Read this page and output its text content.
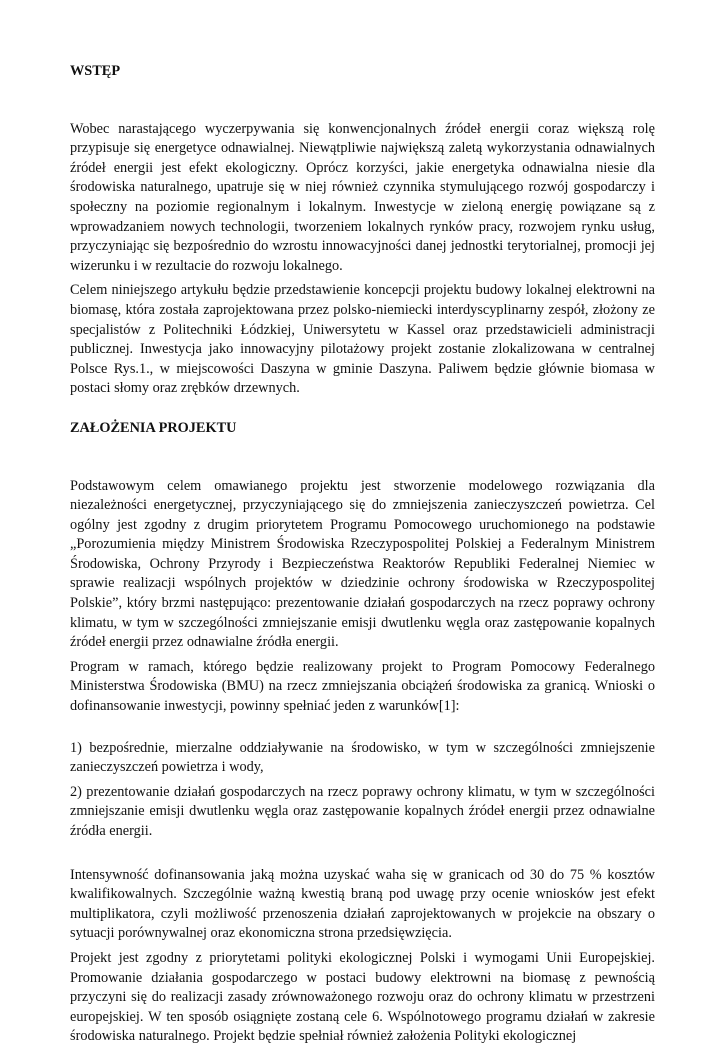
WSTĘP

Wobec narastającego wyczerpywania się konwencjonalnych źródeł energii coraz większą rolę przypisuje się energetyce odnawialnej. Niewątpliwie największą zaletą wykorzystania odnawialnych źródeł energii jest efekt ekologiczny. Oprócz korzyści, jakie energetyka odnawialna niesie dla środowiska naturalnego, upatruje się w niej również czynnika stymulującego rozwój gospodarczy i społeczny na poziomie regionalnym i lokalnym. Inwestycje w zieloną energię powiązane są z wprowadzaniem nowych technologii, tworzeniem lokalnych rynków pracy, rozwojem rynku usług, przyczyniając się bezpośrednio do wzrostu innowacyjności danej jednostki terytorialnej, promocji jej wizerunku i w rezultacie do rozwoju lokalnego.

Celem niniejszego artykułu będzie przedstawienie koncepcji projektu budowy lokalnej elektrowni na biomasę, która została zaprojektowana przez polsko-niemiecki interdyscyplinarny zespół, złożony ze specjalistów z Politechniki Łódzkiej, Uniwersytetu w Kassel oraz przedstawicieli administracji publicznej. Inwestycja jako innowacyjny pilotażowy projekt zostanie zlokalizowana w centralnej Polsce Rys.1., w miejscowości Daszyna w gminie Daszyna. Paliwem będzie głównie biomasa w postaci słomy oraz zrębków drzewnych.

ZAŁOŻENIA PROJEKTU

Podstawowym celem omawianego projektu jest stworzenie modelowego rozwiązania dla niezależności energetycznej, przyczyniającego się do zmniejszenia zanieczyszczeń powietrza. Cel ogólny jest zgodny z drugim priorytetem Programu Pomocowego uruchomionego na podstawie „Porozumienia między Ministrem Środowiska Rzeczypospolitej Polskiej a Federalnym Ministrem Środowiska, Ochrony Przyrody i Bezpieczeństwa Reaktorów Republiki Federalnej Niemiec w sprawie realizacji wspólnych projektów w dziedzinie ochrony środowiska w Rzeczypospolitej Polskie”, który brzmi następująco: prezentowanie działań gospodarczych na rzecz poprawy ochrony klimatu, w tym w szczególności zmniejszanie emisji dwutlenku węgla oraz zastępowanie kopalnych źródeł energii przez odnawialne źródła energii.

Program w ramach, którego będzie realizowany projekt to Program Pomocowy Federalnego Ministerstwa Środowiska (BMU) na rzecz zmniejszania obciążeń środowiska za granicą. Wnioski o dofinansowanie inwestycji, powinny spełniać jeden z warunków[1]:

1) bezpośrednie, mierzalne oddziaływanie na środowisko, w tym w szczególności zmniejszenie zanieczyszczeń powietrza i wody,

2) prezentowanie działań gospodarczych na rzecz poprawy ochrony klimatu, w tym w szczególności zmniejszanie emisji dwutlenku węgla oraz zastępowanie kopalnych źródeł energii przez odnawialne źródła energii.

Intensywność dofinansowania jaką można uzyskać waha się w granicach od 30 do 75 % kosztów kwalifikowalnych. Szczególnie ważną kwestią braną pod uwagę przy ocenie wniosków jest efekt multiplikatora, czyli możliwość przenoszenia działań zaprojektowanych w projekcie na obszary o sytuacji porównywalnej oraz ekonomiczna strona przedsięwzięcia.

Projekt jest zgodny z priorytetami polityki ekologicznej Polski i wymogami Unii Europejskiej. Promowanie działania gospodarczego w postaci budowy elektrowni na biomasę z pewnością przyczyni się do realizacji zasady zrównoważonego rozwoju oraz do ochrony klimatu w przestrzeni europejskiej. W ten sposób osiągnięte zostaną cele 6. Wspólnotowego programu działań w zakresie środowiska naturalnego. Projekt będzie spełniał również założenia Polityki ekologicznej
